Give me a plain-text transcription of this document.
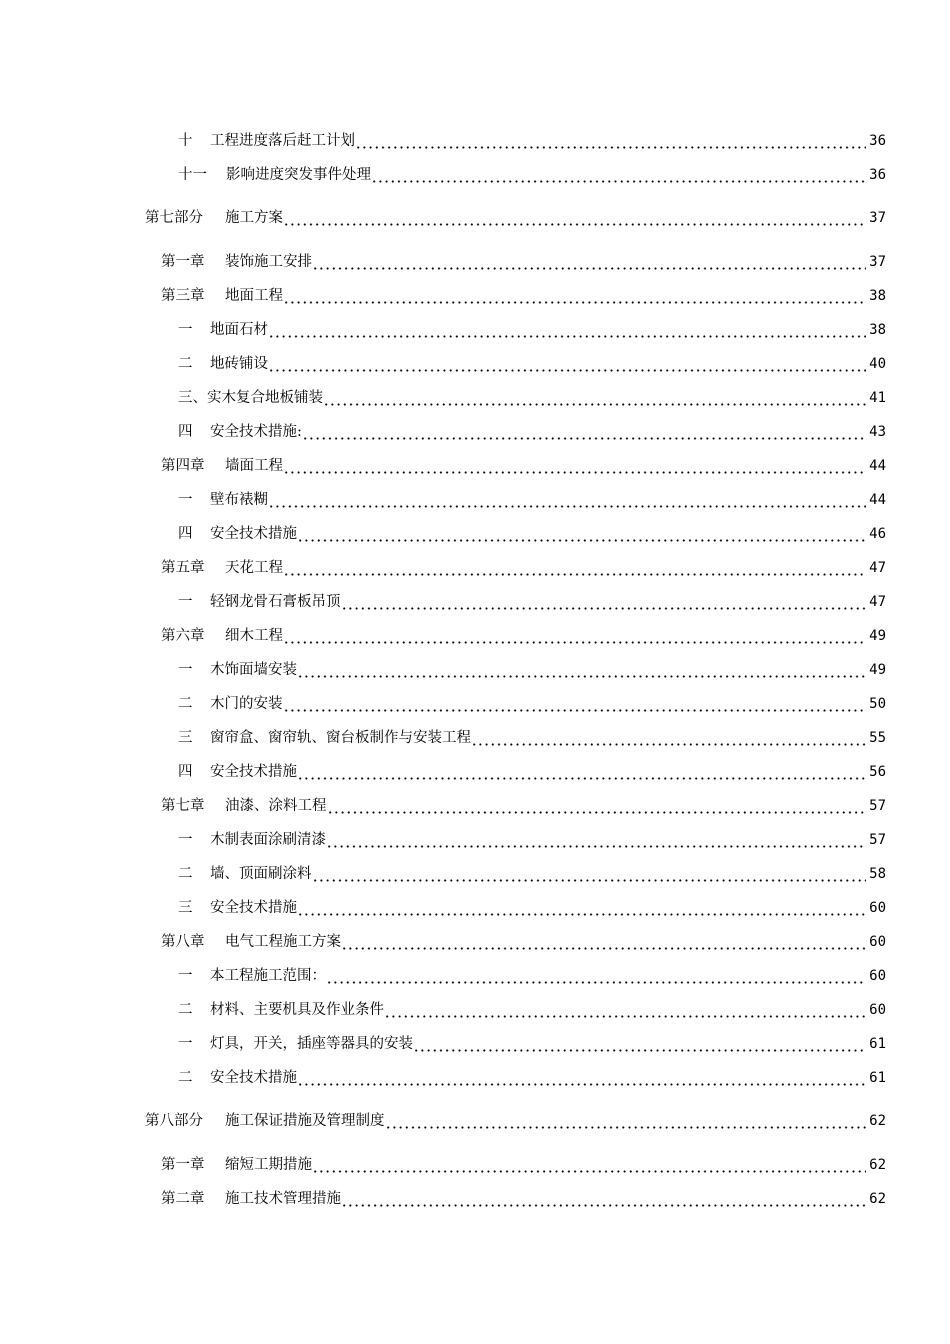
十	工程进度落后赶工计划	36
十一	影响进度突发事件处理	36
第七部分	施工方案	37
第一章	装饰施工安排	37
第三章	地面工程	38
一	地面石材	38
二	地砖铺设	40
三、实木复合地板铺装	41
四	安全技术措施:	43
第四章	墙面工程	44
一	壁布裱糊	44
四	安全技术措施	46
第五章	天花工程	47
一	轻钢龙骨石膏板吊顶	47
第六章	细木工程	49
一	木饰面墙安装	49
二	木门的安装	50
三	窗帘盒、窗帘轨、窗台板制作与安装工程	55
四	安全技术措施	56
第七章	油漆、涂料工程	57
一	木制表面涂刷清漆	57
二	墙、顶面刷涂料	58
三	安全技术措施	60
第八章	电气工程施工方案	60
一	本工程施工范围：	60
二	材料、主要机具及作业条件	60
一	灯具，开关，插座等器具的安装	61
二	安全技术措施	61
第八部分	施工保证措施及管理制度	62
第一章	缩短工期措施	62
第二章	施工技术管理措施	62
